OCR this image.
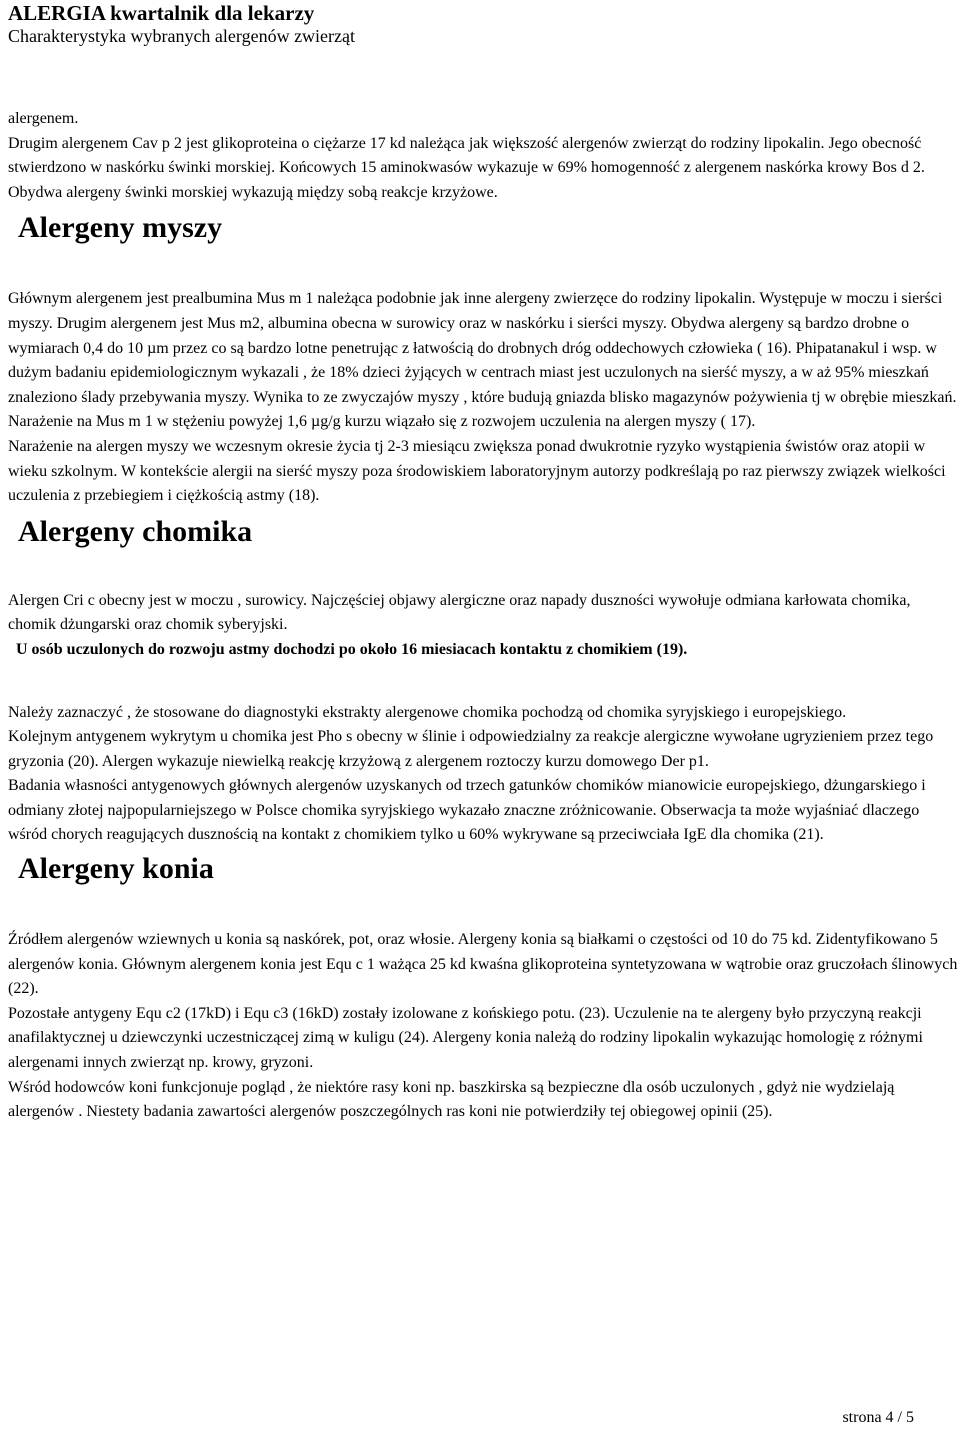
ALERGIA kwartalnik dla lekarzy
Charakterystyka wybranych alergenów zwierząt

alergenem.

Drugim alergenem Cav p 2 jest glikoproteina o ciężarze 17 kd należąca jak większość alergenów zwierząt do rodziny lipokalin. Jego obecność stwierdzono w naskórku świnki morskiej. Końcowych 15 aminokwasów wykazuje w 69% homogenność z alergenem naskórka krowy Bos d 2. Obydwa alergeny świnki morskiej wykazują między sobą reakcje krzyżowe.

Alergeny myszy

Głównym alergenem jest prealbumina Mus m 1 należąca podobnie jak inne alergeny zwierzęce do rodziny lipokalin. Występuje w moczu i sierści myszy. Drugim alergenem jest Mus m2, albumina obecna w surowicy oraz w naskórku i sierści myszy. Obydwa alergeny są bardzo drobne o wymiarach 0,4 do 10 µm przez co są bardzo lotne penetrując z łatwością do drobnych dróg oddechowych człowieka ( 16). Phipatanakul i wsp. w dużym badaniu epidemiologicznym wykazali , że 18% dzieci żyjących w centrach miast jest uczulonych na sierść myszy, a w aż 95% mieszkań znaleziono ślady przebywania myszy. Wynika to ze zwyczajów myszy , które budują gniazda blisko magazynów pożywienia tj w obrębie mieszkań. Narażenie na Mus m 1 w stężeniu powyżej 1,6 µg/g kurzu wiązało się z rozwojem uczulenia na alergen myszy ( 17).

Narażenie na alergen myszy we wczesnym okresie życia tj 2-3 miesiącu zwiększa ponad dwukrotnie ryzyko wystąpienia świstów oraz atopii w wieku szkolnym. W kontekście alergii na sierść myszy poza środowiskiem laboratoryjnym autorzy podkreślają po raz pierwszy związek wielkości uczulenia z przebiegiem i ciężkością astmy (18).

Alergeny chomika

Alergen Cri c obecny jest w moczu , surowicy. Najczęściej objawy alergiczne oraz napady duszności wywołuje odmiana karłowata chomika, chomik dżungarski oraz chomik syberyjski.

U osób uczulonych do rozwoju astmy dochodzi po około 16 miesiacach kontaktu z chomikiem (19).

Należy zaznaczyć , że stosowane do diagnostyki ekstrakty alergenowe chomika pochodzą od chomika syryjskiego i europejskiego.

Kolejnym antygenem wykrytym u chomika jest Pho s obecny w ślinie i odpowiedzialny za reakcje alergiczne wywołane ugryzieniem przez tego gryzonia (20). Alergen wykazuje niewielką reakcję krzyżową z alergenem roztoczy kurzu domowego Der p1.

Badania własności antygenowych głównych alergenów uzyskanych od trzech gatunków chomików mianowicie europejskiego, dżungarskiego i odmiany złotej najpopularniejszego w Polsce chomika syryjskiego wykazało znaczne zróżnicowanie. Obserwacja ta może wyjaśniać dlaczego wśród chorych reagujących dusznością na kontakt z chomikiem tylko u 60% wykrywane są przeciwciała IgE dla chomika (21).

Alergeny konia

Źródłem alergenów wziewnych u konia są naskórek, pot, oraz włosie. Alergeny konia są białkami o częstości od 10 do 75 kd. Zidentyfikowano 5 alergenów konia. Głównym alergenem konia jest Equ c 1 ważąca 25 kd kwaśna glikoproteina syntetyzowana w wątrobie oraz gruczołach ślinowych (22).

Pozostałe antygeny Equ c2 (17kD) i Equ c3 (16kD) zostały izolowane z końskiego potu. (23). Uczulenie na te alergeny było przyczyną reakcji anafilaktycznej u dziewczynki uczestniczącej zimą w kuligu (24). Alergeny konia należą do rodziny lipokalin wykazując homologię z różnymi alergenami innych zwierząt np. krowy, gryzoni.

Wśród hodowców koni funkcjonuje pogląd , że niektóre rasy koni np. baszkirska są bezpieczne dla osób uczulonych , gdyż nie wydzielają alergenów . Niestety badania zawartości alergenów poszczególnych ras koni nie potwierdziły tej obiegowej opinii (25).

strona 4 / 5
